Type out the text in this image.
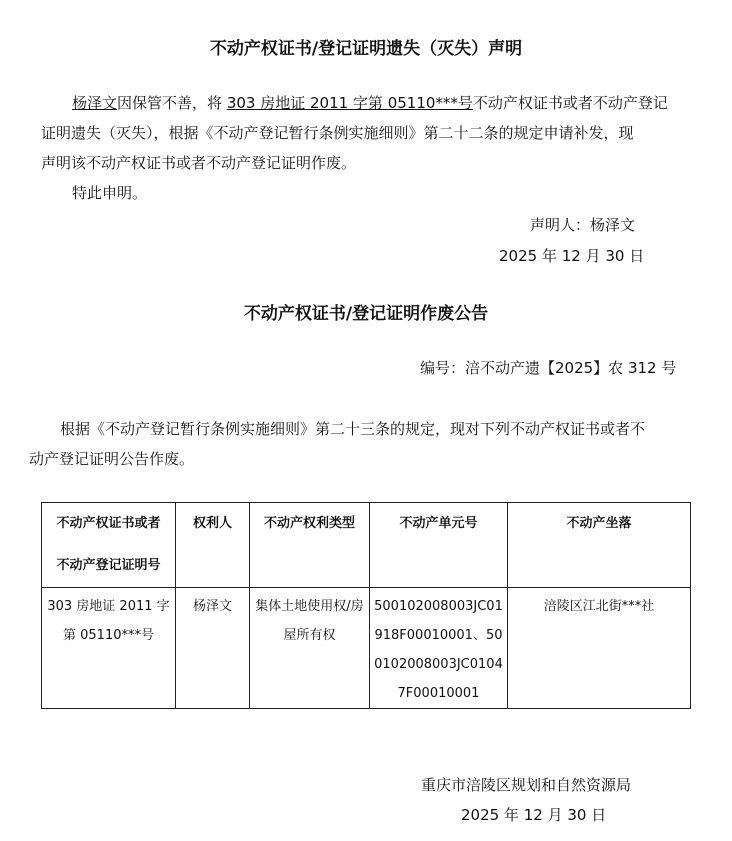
不动产权证书/登记证明遗失（灭失）声明
杨泽文因保管不善，将 303 房地证 2011 字第 05110***号不动产权证书或者不动产登记
证明遗失（灭失），根据《不动产登记暂行条例实施细则》第二十二条的规定申请补发，现
声明该不动产权证书或者不动产登记证明作废。
特此申明。
声明人：杨泽文
2025 年 12 月 30 日
不动产权证书/登记证明作废公告
编号：涪不动产遗【2025】农 312 号
根据《不动产登记暂行条例实施细则》第二十三条的规定，现对下列不动产权证书或者不
动产登记证明公告作废。
不动产权证书或者
不动产登记证明号	权利人	不动产权利类型	不动产单元号	不动产坐落
303 房地证 2011 字第 05110***号	杨泽文	集体土地使用权/房屋所有权	500102008003JC01918F00010001、500102008003JC01047F00010001	涪陵区江北街***社
重庆市涪陵区规划和自然资源局
2025 年 12 月 30 日
